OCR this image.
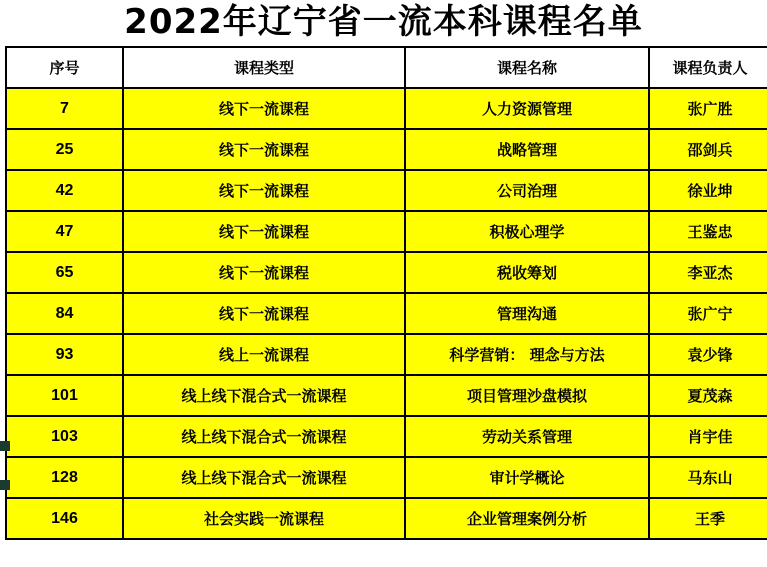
2022年辽宁省一流本科课程名单
序号	课程类型	课程名称	课程负责人
7	线下一流课程	人力资源管理	张广胜
25	线下一流课程	战略管理	邵剑兵
42	线下一流课程	公司治理	徐业坤
47	线下一流课程	积极心理学	王鉴忠
65	线下一流课程	税收筹划	李亚杰
84	线下一流课程	管理沟通	张广宁
93	线上一流课程	科学营销： 理念与方法	袁少锋
101	线上线下混合式一流课程	项目管理沙盘模拟	夏茂森
103	线上线下混合式一流课程	劳动关系管理	肖宇佳
128	线上线下混合式一流课程	审计学概论	马东山
146	社会实践一流课程	企业管理案例分析	王季
